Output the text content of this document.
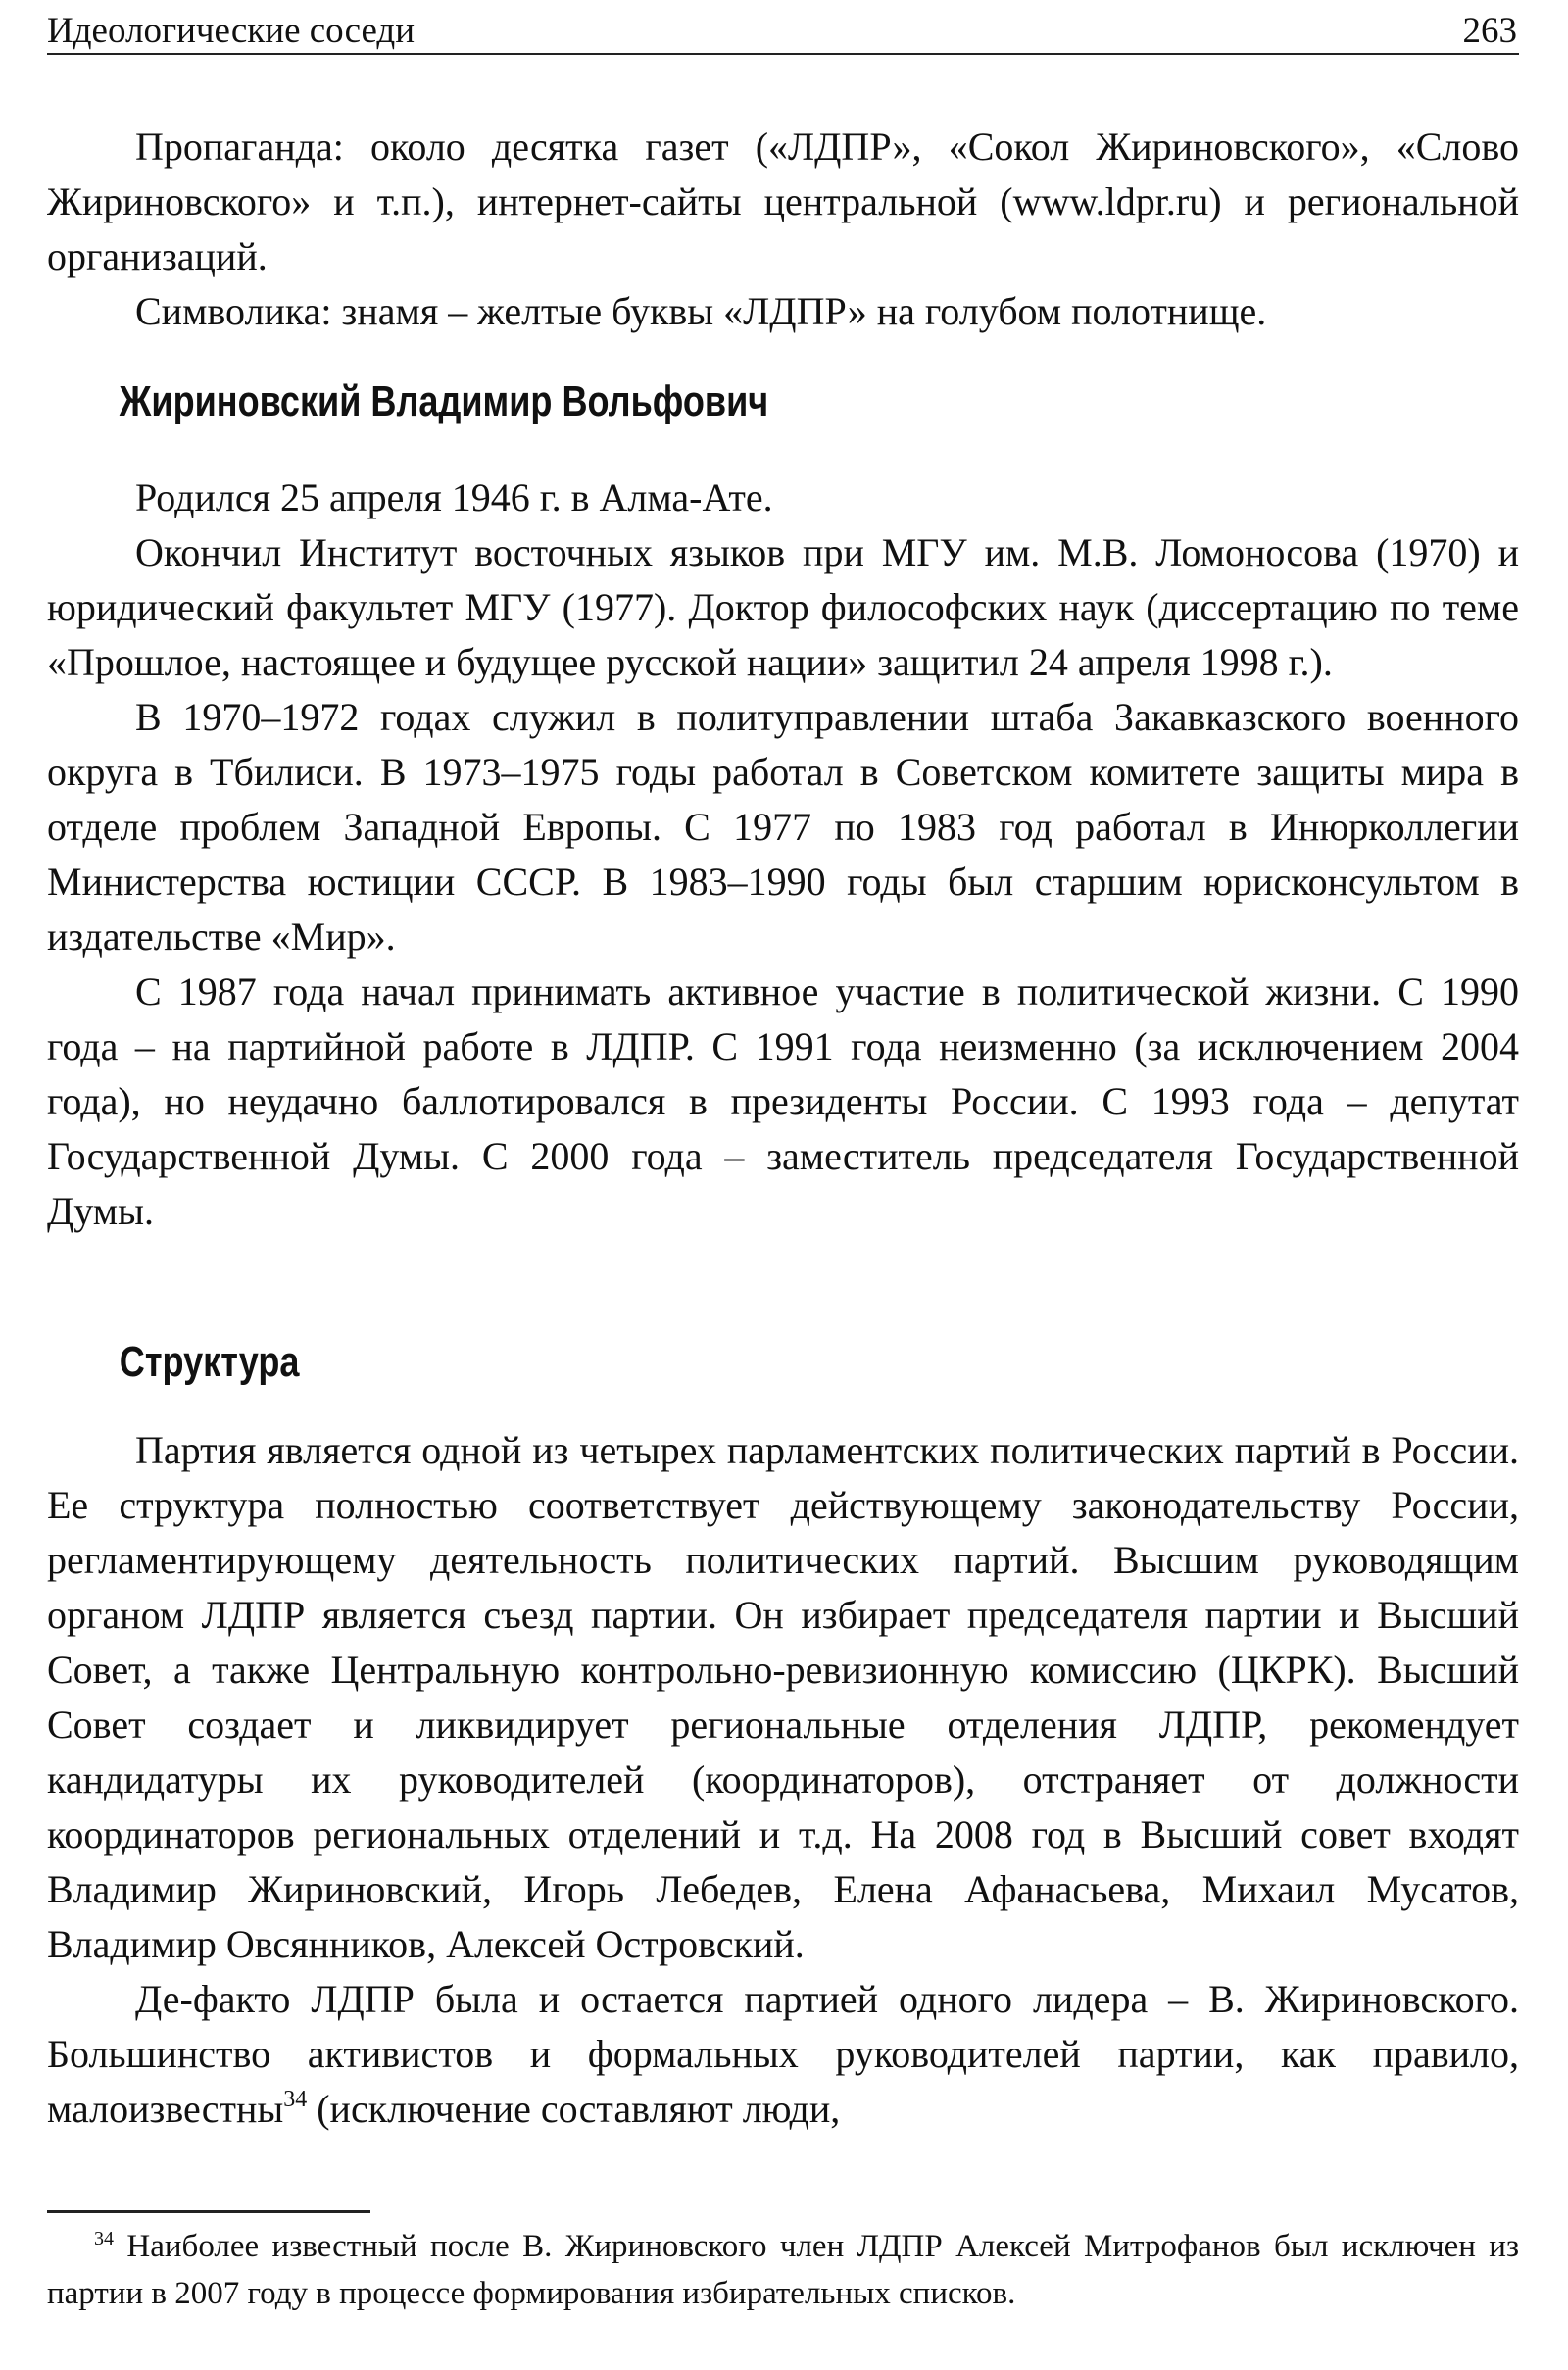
Идеологические соседи	263

Пропаганда: около десятка газет («ЛДПР», «Сокол Жириновского», «Слово Жириновского» и т.п.), интернет-сайты центральной (www.ldpr.ru) и региональной организаций.

Символика: знамя – желтые буквы «ЛДПР» на голубом полотнище.

Жириновский Владимир Вольфович

Родился 25 апреля 1946 г. в Алма-Ате.

Окончил Институт восточных языков при МГУ им. М.В. Ломоносова (1970) и юридический факультет МГУ (1977). Доктор философских наук (диссертацию по теме «Прошлое, настоящее и будущее русской нации» защитил 24 апреля 1998 г.).

В 1970–1972 годах служил в политуправлении штаба Закавказского военного округа в Тбилиси. В 1973–1975 годы работал в Советском комитете защиты мира в отделе проблем Западной Европы. С 1977 по 1983 год работал в Инюрколлегии Министерства юстиции СССР. В 1983–1990 годы был старшим юрисконсультом в издательстве «Мир».

С 1987 года начал принимать активное участие в политической жизни. С 1990 года – на партийной работе в ЛДПР. С 1991 года неизменно (за исключением 2004 года), но неудачно баллотировался в президенты России. С 1993 года – депутат Государственной Думы. С 2000 года – заместитель председателя Государственной Думы.

Структура

Партия является одной из четырех парламентских политических партий в России. Ее структура полностью соответствует действующему законодательству России, регламентирующему деятельность политических партий. Высшим руководящим органом ЛДПР является съезд партии. Он избирает председателя партии и Высший Совет, а также Центральную контрольно-ревизионную комиссию (ЦКРК). Высший Совет создает и ликвидирует региональные отделения ЛДПР, рекомендует кандидатуры их руководителей (координаторов), отстраняет от должности координаторов региональных отделений и т.д. На 2008 год в Высший совет входят Владимир Жириновский, Игорь Лебедев, Елена Афанасьева, Михаил Мусатов, Владимир Овсянников, Алексей Островский.

Де-факто ЛДПР была и остается партией одного лидера – В. Жириновского. Большинство активистов и формальных руководителей партии, как правило, малоизвестны$^{34}$ (исключение составляют люди,

$^{34}$ Наиболее известный после В. Жириновского член ЛДПР Алексей Митрофанов был исключен из партии в 2007 году в процессе формирования избирательных списков.
